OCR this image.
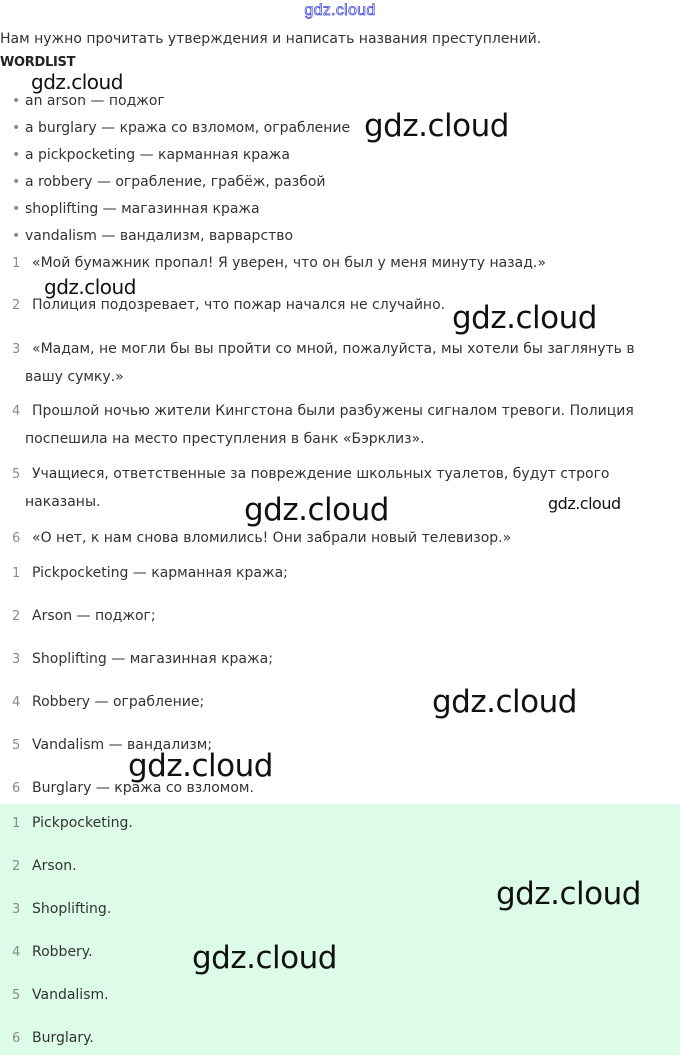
gdz.cloud
Нам нужно прочитать утверждения и написать названия преступлений.
WORDLIST
• an arson — поджог
• a burglary — кража со взломом, ограбление
• a pickpocketing — карманная кража
• a robbery — ограбление, грабёж, разбой
• shoplifting — магазинная кража
• vandalism — вандализм, варварство
1 «Мой бумажник пропал! Я уверен, что он был у меня минуту назад.»
2 Полиция подозревает, что пожар начался не случайно.
3 «Мадам, не могли бы вы пройти со мной, пожалуйста, мы хотели бы заглянуть в
вашу сумку.»
4 Прошлой ночью жители Кингстона были разбужены сигналом тревоги. Полиция
поспешила на место преступления в банк «Бэрклиз».
5 Учащиеся, ответственные за повреждение школьных туалетов, будут строго
наказаны.
6 «О нет, к нам снова вломились! Они забрали новый телевизор.»
1 Pickpocketing — карманная кража;
2 Arson — поджог;
3 Shoplifting — магазинная кража;
4 Robbery — ограбление;
5 Vandalism — вандализм;
6 Burglary — кража со взломом.
1 Pickpocketing.
2 Arson.
3 Shoplifting.
4 Robbery.
5 Vandalism.
6 Burglary.
gdz.cloud
gdz.cloud
gdz.cloud
gdz.cloud
gdz.cloud	gdz.cloud
gdz.cloud
gdz.cloud
gdz.cloud
gdz.cloud
